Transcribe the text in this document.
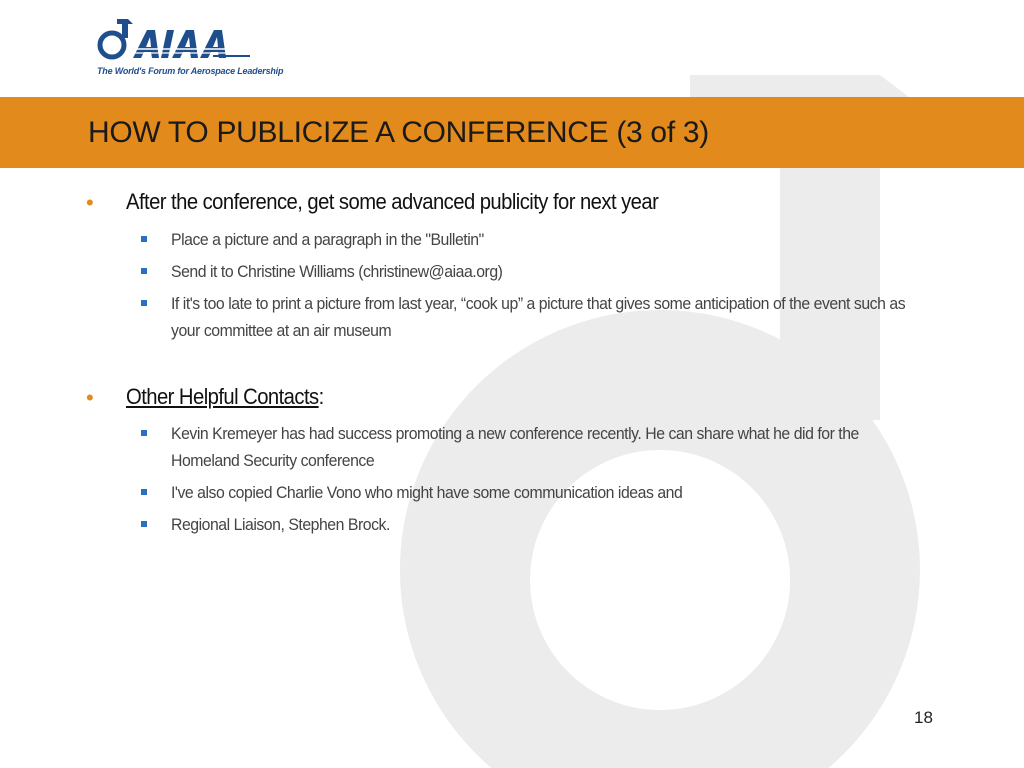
The World's Forum for Aerospace Leadership
HOW TO PUBLICIZE A CONFERENCE (3 of 3)
•
After the conference, get some advanced publicity for next year
Place a picture and a paragraph in the "Bulletin"
Send it to Christine Williams (christinew@aiaa.org)
If it's too late to print a picture from last year, “cook up” a picture that gives some anticipation of the event such as your committee at an air museum
•
Other Helpful Contacts:
Kevin Kremeyer has had success promoting a new conference recently. He can share what he did for the Homeland Security conference
I've also copied Charlie Vono who might have some communication ideas and
Regional Liaison, Stephen Brock.
18
